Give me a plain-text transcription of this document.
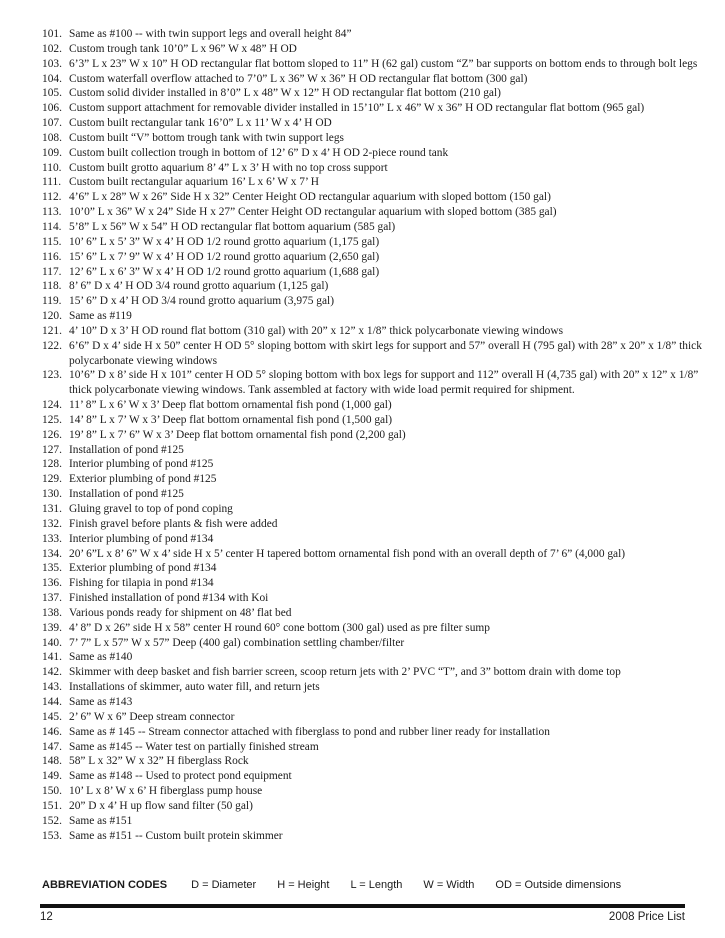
101. Same as #100 -- with twin support legs and overall height 84”
102. Custom trough tank 10’0” L x 96” W x 48” H OD
103. 6’3” L x 23” W x 10” H OD rectangular flat bottom sloped to 11” H (62 gal) custom “Z” bar supports on bottom ends to through bolt legs
104. Custom waterfall overflow attached to 7’0” L x 36” W x 36” H OD rectangular flat bottom (300 gal)
105. Custom solid divider installed in 8’0” L x 48” W x 12” H OD rectangular flat bottom (210 gal)
106. Custom support attachment for removable divider installed in 15’10” L x 46” W x 36” H OD rectangular flat bottom (965 gal)
107. Custom built rectangular tank 16’0” L x 11’ W x 4’ H OD
108. Custom built “V” bottom trough tank with twin support legs
109. Custom built collection trough in bottom of 12’ 6” D x 4’ H OD 2-piece round tank
110. Custom built grotto aquarium 8’ 4” L x 3’ H with no top cross support
111. Custom built rectangular aquarium 16’ L x 6’ W x 7’ H
112. 4’6” L x 28” W x 26” Side H x 32” Center Height OD rectangular aquarium with sloped bottom (150 gal)
113. 10’0” L x 36” W x 24” Side H x 27” Center Height OD rectangular aquarium with sloped bottom (385 gal)
114. 5’8” L x 56” W x 54” H OD rectangular flat bottom aquarium (585 gal)
115. 10’ 6” L x 5’ 3” W x 4’ H OD 1/2 round grotto aquarium (1,175 gal)
116. 15’ 6” L x 7’ 9” W x 4’ H OD 1/2 round grotto aquarium (2,650 gal)
117. 12’ 6” L x 6’ 3” W x 4’ H OD 1/2 round grotto aquarium (1,688 gal)
118. 8’ 6” D x 4’ H OD 3/4 round grotto aquarium (1,125 gal)
119. 15’ 6” D x 4’ H OD 3/4 round grotto aquarium (3,975 gal)
120. Same as #119
121. 4’ 10” D x 3’ H OD round flat bottom (310 gal) with 20” x 12” x 1/8” thick polycarbonate viewing windows
122. 6’6” D x 4’ side H x 50” center H OD 5° sloping bottom with skirt legs for support and 57” overall H (795 gal) with 28” x 20” x 1/8” thick polycarbonate viewing windows
123. 10’6” D x 8’ side H x 101” center H OD 5° sloping bottom with box legs for support and 112” overall H (4,735 gal) with 20” x 12” x 1/8” thick polycarbonate viewing windows. Tank assembled at factory with wide load permit required for shipment.
124. 11’ 8” L x 6’ W x 3’ Deep flat bottom ornamental fish pond (1,000 gal)
125. 14’ 8” L x 7’ W x 3’ Deep flat bottom ornamental fish pond (1,500 gal)
126. 19’ 8” L x 7’ 6” W x 3’ Deep flat bottom ornamental fish pond (2,200 gal)
127. Installation of pond #125
128. Interior plumbing of pond #125
129. Exterior plumbing of pond #125
130. Installation of pond #125
131. Gluing gravel to top of pond coping
132. Finish gravel before plants & fish were added
133. Interior plumbing of pond #134
134. 20’ 6”L x 8’ 6” W x 4’ side H x 5’ center H tapered bottom ornamental fish pond with an overall depth of 7’ 6” (4,000 gal)
135. Exterior plumbing of pond #134
136. Fishing for tilapia in pond #134
137. Finished installation of pond #134 with Koi
138. Various ponds ready for shipment on 48’ flat bed
139. 4’ 8” D x 26” side H x 58” center H round 60° cone bottom (300 gal) used as pre filter sump
140. 7’ 7” L x 57” W x 57” Deep (400 gal) combination settling chamber/filter
141. Same as #140
142. Skimmer with deep basket and fish barrier screen, scoop return jets with 2’ PVC “T”, and 3” bottom drain with dome top
143. Installations of skimmer, auto water fill, and return jets
144. Same as #143
145. 2’ 6” W x 6” Deep stream connector
146. Same as # 145 -- Stream connector attached with fiberglass to pond and rubber liner ready for installation
147. Same as #145 -- Water test on partially finished stream
148. 58” L x 32” W x 32” H fiberglass Rock
149. Same as #148 -- Used to protect pond equipment
150. 10’ L x 8’ W x 6’ H fiberglass pump house
151. 20” D x 4’ H up flow sand filter (50 gal)
152. Same as #151
153. Same as #151 -- Custom built protein skimmer
ABBREVIATION CODES D = Diameter H = Height L = Length W = Width OD = Outside dimensions
12	2008 Price List
